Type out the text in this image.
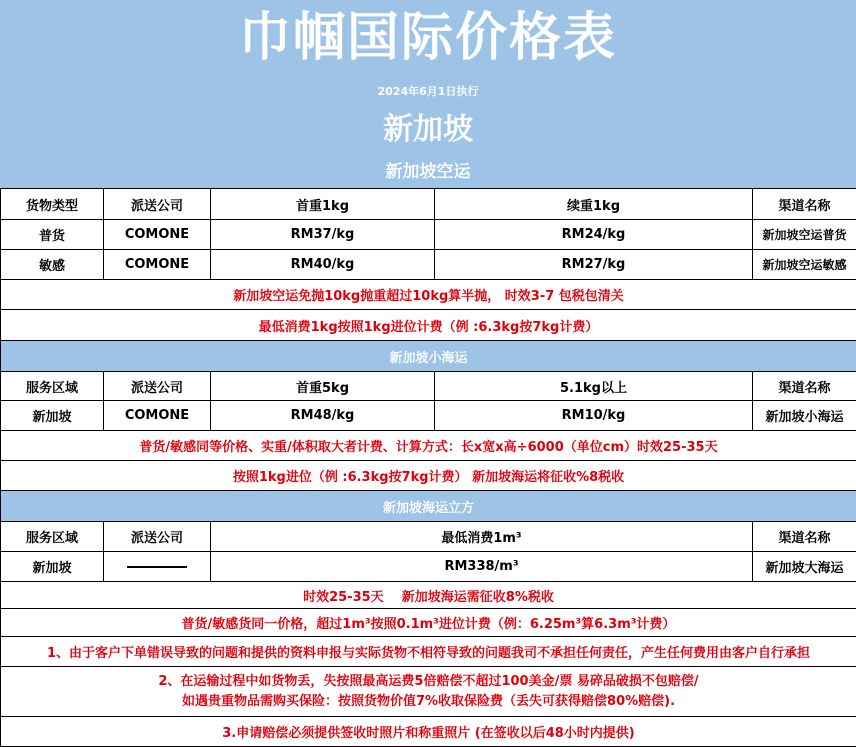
巾帼国际价格表
2024年6月1日执行
新加坡
新加坡空运
货物类型	派送公司	首重1kg	续重1kg	渠道名称
普货	COMONE	RM37/kg	RM24/kg	新加坡空运普货
敏感	COMONE	RM40/kg	RM27/kg	新加坡空运敏感
新加坡空运免抛10kg抛重超过10kg算半抛， 时效3-7 包税包清关				
最低消费1kg按照1kg进位计费（例 :6.3kg按7kg计费）				
新加坡小海运				
服务区域	派送公司	首重5kg	5.1kg以上	渠道名称
新加坡	COMONE	RM48/kg	RM10/kg	新加坡小海运
普货/敏感同等价格、实重/体积取大者计费、计算方式：长x宽x高÷6000（单位cm）时效25-35天				
按照1kg进位（例 :6.3kg按7kg计费） 新加坡海运将征收%8税收				
新加坡海运立方				
服务区域	派送公司	最低消费1m³		渠道名称
新加坡		RM338/m³		新加坡大海运
时效25-35天    新加坡海运需征收8%税收				
普货/敏感货同一价格，超过1m³按照0.1m³进位计费（例：6.25m³算6.3m³计费）				
1、由于客户下单错误导致的问题和提供的资料申报与实际货物不相符导致的问题我司不承担任何责任，产生任何费用由客户自行承担				

2、在运输过程中如货物丢，失按照最高运费5倍赔偿不超过100美金/票 易碎品破损不包赔偿/
如遇贵重物品需购买保险：按照货物价值7%收取保险费（丢失可获得赔偿80%赔偿).				

3.申请赔偿必须提供签收时照片和称重照片 (在签收以后48小时内提供)				
